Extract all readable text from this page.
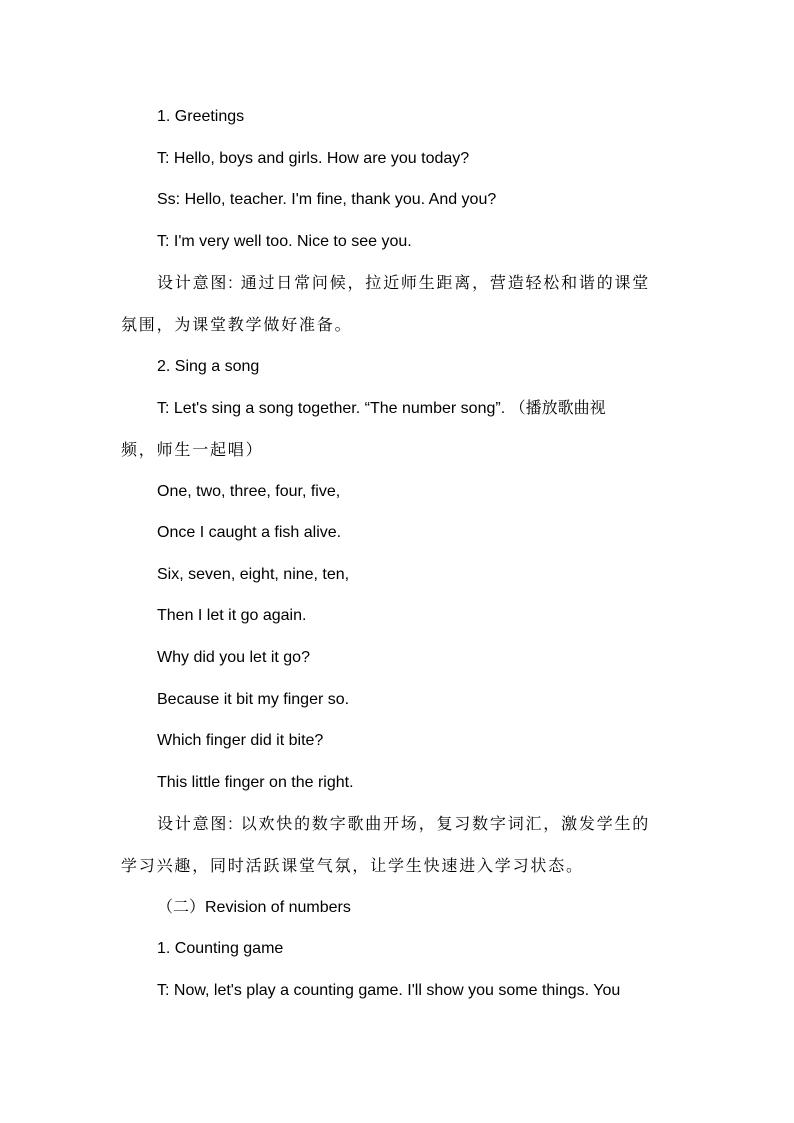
1. Greetings
T: Hello, boys and girls. How are you today?
Ss: Hello, teacher. I'm fine, thank you. And you?
T: I'm very well too. Nice to see you.
设计意图: 通过日常问候，拉近师生距离，营造轻松和谐的课堂
氛围，为课堂教学做好准备。
2. Sing a song
T: Let's sing a song together. “The number song”. （播放歌曲视
频，师生一起唱）
One, two, three, four, five,
Once I caught a fish alive.
Six, seven, eight, nine, ten,
Then I let it go again.
Why did you let it go?
Because it bit my finger so.
Which finger did it bite?
This little finger on the right.
设计意图: 以欢快的数字歌曲开场，复习数字词汇，激发学生的
学习兴趣，同时活跃课堂气氛，让学生快速进入学习状态。
（二）Revision of numbers
1. Counting game
T: Now, let's play a counting game. I'll show you some things. You
